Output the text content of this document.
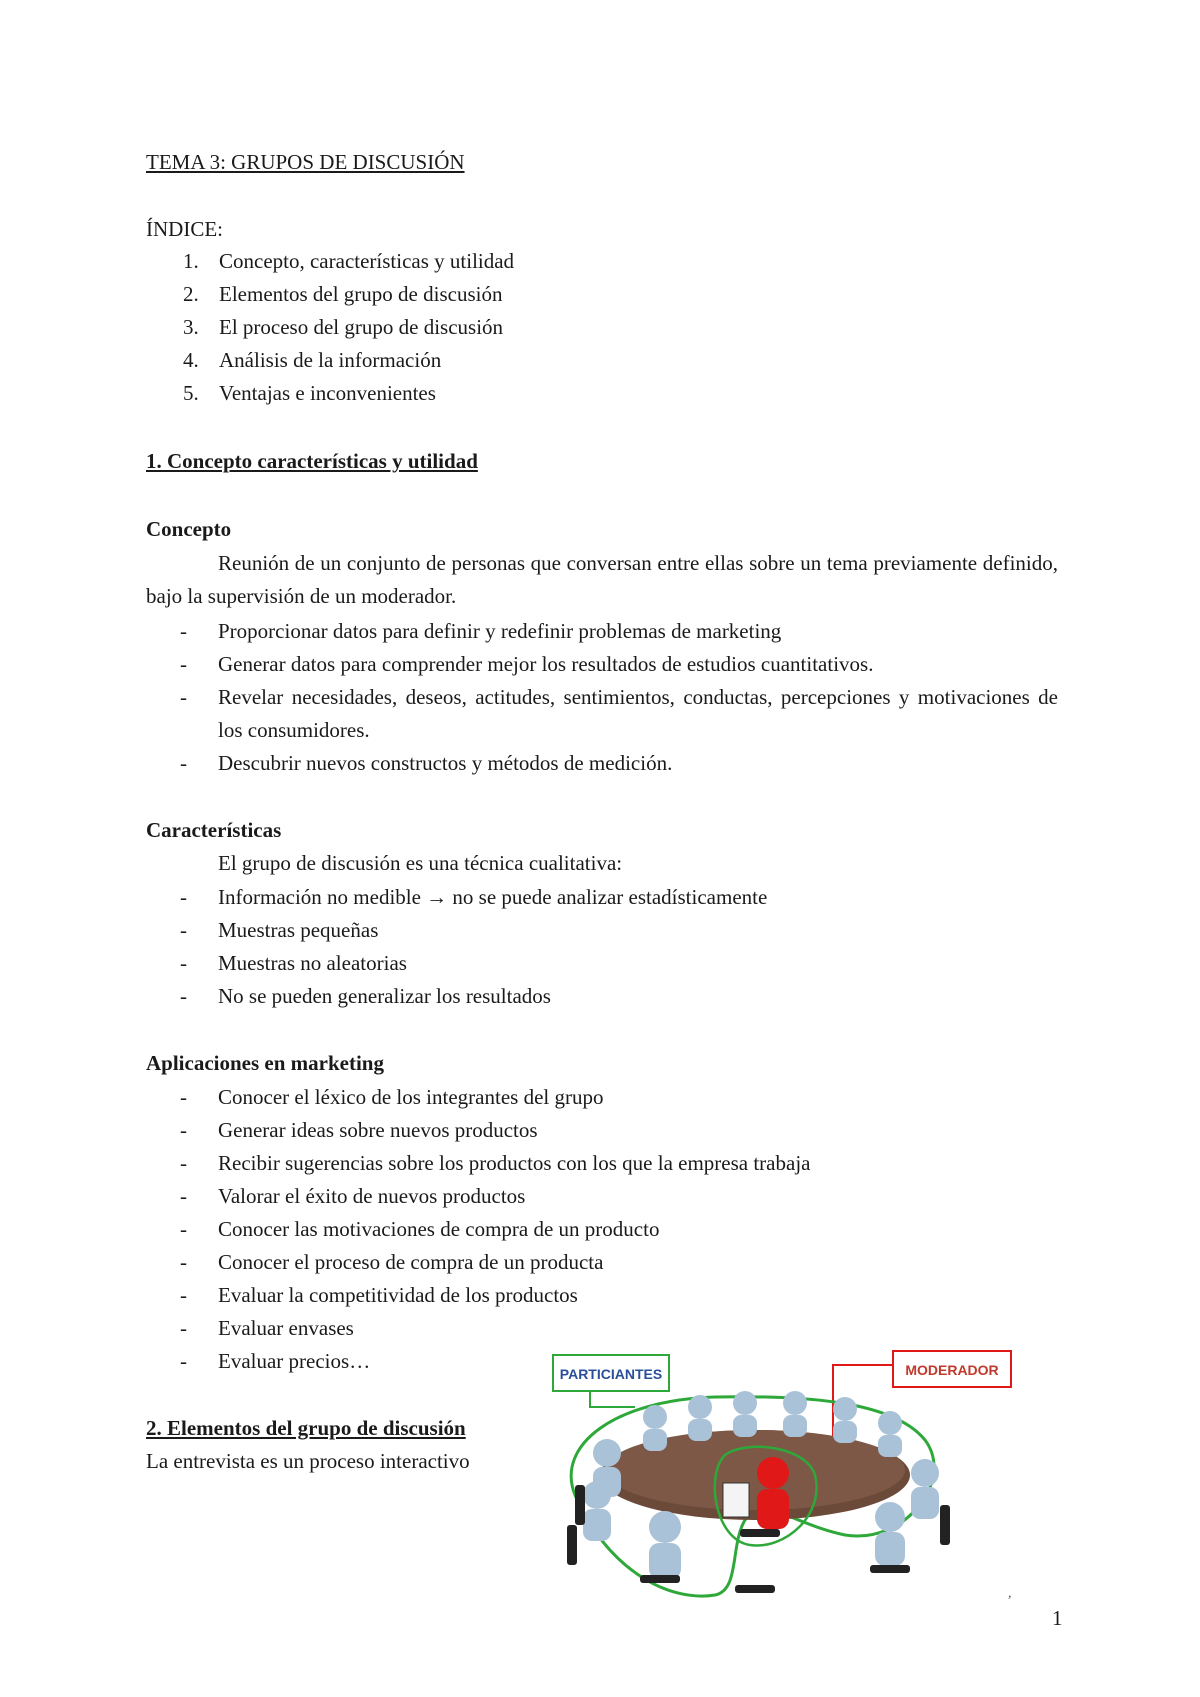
TEMA 3: GRUPOS DE DISCUSIÓN
ÍNDICE:
1. Concepto, características y utilidad
2. Elementos del grupo de discusión
3. El proceso del grupo de discusión
4. Análisis de la información
5. Ventajas e inconvenientes
1. Concepto características y utilidad
Concepto
Reunión de un conjunto de personas que conversan entre ellas sobre un tema previamente definido, bajo la supervisión de un moderador.
- Proporcionar datos para definir y redefinir problemas de marketing
- Generar datos para comprender mejor los resultados de estudios cuantitativos.
- Revelar necesidades, deseos, actitudes, sentimientos, conductas, percepciones y motivaciones de los consumidores.
- Descubrir nuevos constructos y métodos de medición.
Características
El grupo de discusión es una técnica cualitativa:
- Información no medible → no se puede analizar estadísticamente
- Muestras pequeñas
- Muestras no aleatorias
- No se pueden generalizar los resultados
Aplicaciones en marketing
- Conocer el léxico de los integrantes del grupo
- Generar ideas sobre nuevos productos
- Recibir sugerencias sobre los productos con los que la empresa trabaja
- Valorar el éxito de nuevos productos
- Conocer las motivaciones de compra de un producto
- Conocer el proceso de compra de un producta
- Evaluar la competitividad de los productos
- Evaluar envases
- Evaluar precios…
2. Elementos del grupo de discusión
La entrevista es un proceso interactivo
PARTICIANTES	MODERADOR
,
1
